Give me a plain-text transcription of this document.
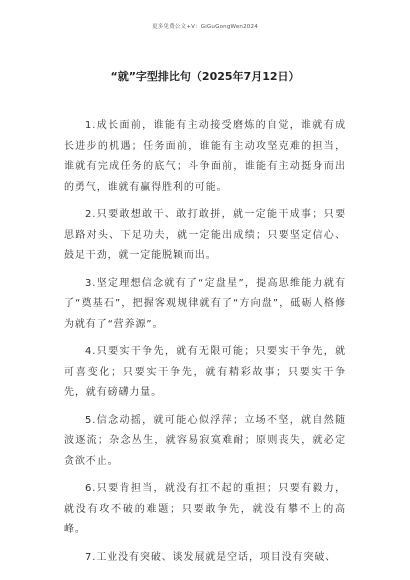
更多免费公文+V：GiGuGongWen2024
“就”字型排比句（2025年7月12日）

1.成长面前，谁能有主动接受磨炼的自觉，谁就有成长进步的机遇；任务面前，谁能有主动攻坚克难的担当，谁就有完成任务的底气；斗争面前，谁能有主动挺身而出的勇气，谁就有赢得胜利的可能。

2.只要敢想敢干、敢打敢拼，就一定能干成事；只要思路对头、下足功夫，就一定能出成绩；只要坚定信心、鼓足干劲，就一定能脱颖而出。

3.坚定理想信念就有了“定盘星”，提高思维能力就有了“奠基石”，把握客观规律就有了“方向盘”，砥砺人格修为就有了“营养源”。

4.只要实干争先，就有无限可能；只要实干争先，就可喜变化；只要实干争先，就有精彩故事；只要实干争先，就有磅礴力量。

5.信念动摇，就可能心似浮萍；立场不坚，就自然随波逐流；杂念丛生，就容易寂寞难耐；原则丧失，就必定贪欲不止。

6.只要肯担当，就没有扛不起的重担；只要有毅力，就没有攻不破的难题；只要敢争先，就没有攀不上的高峰。

7.工业没有突破、谈发展就是空话，项目没有突破、
